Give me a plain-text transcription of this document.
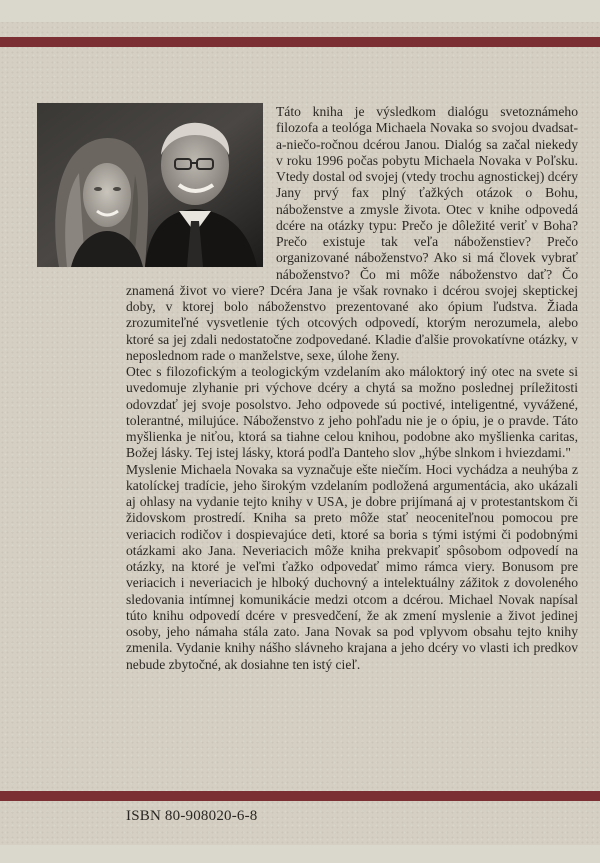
Táto kniha je výsledkom dialógu svetoznámeho filozofa a teológa Michaela Novaka so svojou dvadsat-a-niečo-ročnou dcérou Janou. Dialóg sa začal niekedy v roku 1996 počas pobytu Michaela Novaka v Poľsku. Vtedy dostal od svojej (vtedy trochu agnostickej) dcéry Jany prvý fax plný ťažkých otázok o Bohu, náboženstve a zmysle života. Otec v knihe odpovedá dcére na otázky typu: Prečo je dôležité veriť v Boha? Prečo existuje tak veľa náboženstiev? Prečo organizované náboženstvo? Ako si má človek vybrať náboženstvo? Čo mi môže náboženstvo dať? Čo znamená život vo viere? Dcéra Jana je však rovnako i dcérou svojej skeptickej doby, v ktorej bolo náboženstvo prezentované ako ópium ľudstva. Žiada zrozumiteľné vysvetlenie tých otcových odpovedí, ktorým nerozumela, alebo ktoré sa jej zdali nedostatočne zodpovedané. Kladie ďalšie provokatívne otázky, v neposlednom rade o manželstve, sexe, úlohe ženy.

Otec s filozofickým a teologickým vzdelaním ako máloktorý iný otec na svete si uvedomuje zlyhanie pri výchove dcéry a chytá sa možno poslednej príležitosti odovzdať jej svoje posolstvo. Jeho odpovede sú poctivé, inteligentné, vyvážené, tolerantné, milujúce. Náboženstvo z jeho pohľadu nie je o ópiu, je o pravde. Táto myšlienka je niťou, ktorá sa tiahne celou knihou, podobne ako myšlienka caritas, Božej lásky. Tej istej lásky, ktorá podľa Danteho slov „hýbe slnkom i hviezdami."

Myslenie Michaela Novaka sa vyznačuje ešte niečím. Hoci vychádza a neuhýba z katolíckej tradície, jeho širokým vzdelaním podložená argumentácia, ako ukázali aj ohlasy na vydanie tejto knihy v USA, je dobre prijímaná aj v protestantskom či židovskom prostredí. Kniha sa preto môže stať neoceniteľnou pomocou pre veriacich rodičov i dospievajúce deti, ktoré sa boria s tými istými či podobnými otázkami ako Jana. Neveriacich môže kniha prekvapiť spôsobom odpovedí na otázky, na ktoré je veľmi ťažko odpovedať mimo rámca viery. Bonusom pre veriacich i neveriacich je hlboký duchovný a intelektuálny zážitok z dovoleného sledovania intímnej komunikácie medzi otcom a dcérou. Michael Novak napísal túto knihu odpovedí dcére v presvedčení, že ak zmení myslenie a život jedinej osoby, jeho námaha stála zato. Jana Novak sa pod vplyvom obsahu tejto knihy zmenila. Vydanie knihy nášho slávneho krajana a jeho dcéry vo vlasti ich predkov nebude zbytočné, ak dosiahne ten istý cieľ.

ISBN 80-908020-6-8
